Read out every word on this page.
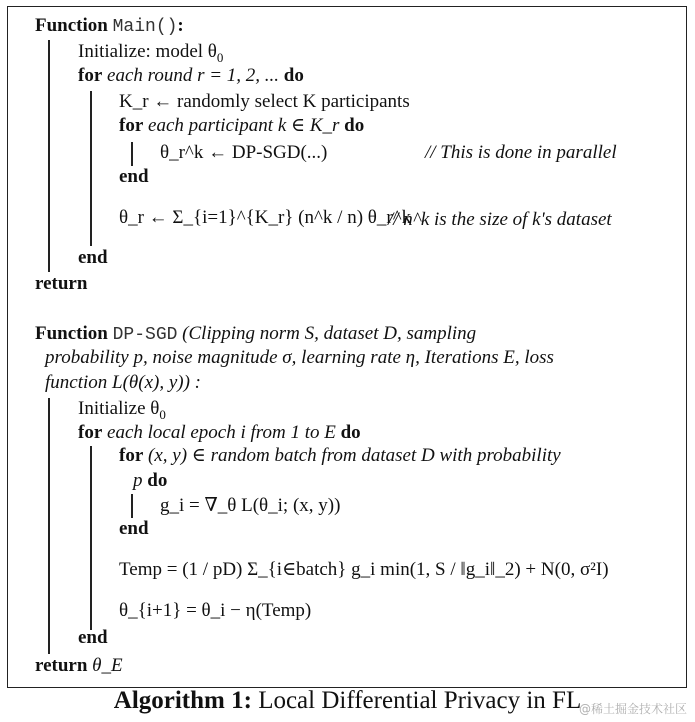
Function Main():
Initialize: model $\theta_0$
for each round r = 1, 2, ... do
K_r ← randomly select K participants
for each participant k ∈ K_r do
θ_r^k ← DP-SGD(...)	// This is done in parallel
end
θ_r ← Σ_{i=1}^{K_r} (n^k / n) θ_r^k
// n^k is the size of k's dataset
end
return
Function DP-SGD (Clipping norm S, dataset D, sampling
probability p, noise magnitude σ, learning rate η, Iterations E, loss
function L(θ(x), y)) :
Initialize $\theta_0$
for each local epoch i from 1 to E do
for (x, y) ∈ random batch from dataset D with probability
p do
g_i = ∇_θ L(θ_i; (x, y))
end
Temp = (1 / pD) Σ_{i∈batch} g_i min(1, S / ‖g_i‖_2) + N(0, σ²I)
θ_{i+1} = θ_i − η(Temp)
end
return θ_E
Algorithm 1: Local Differential Privacy in FL
@稀土掘金技术社区
